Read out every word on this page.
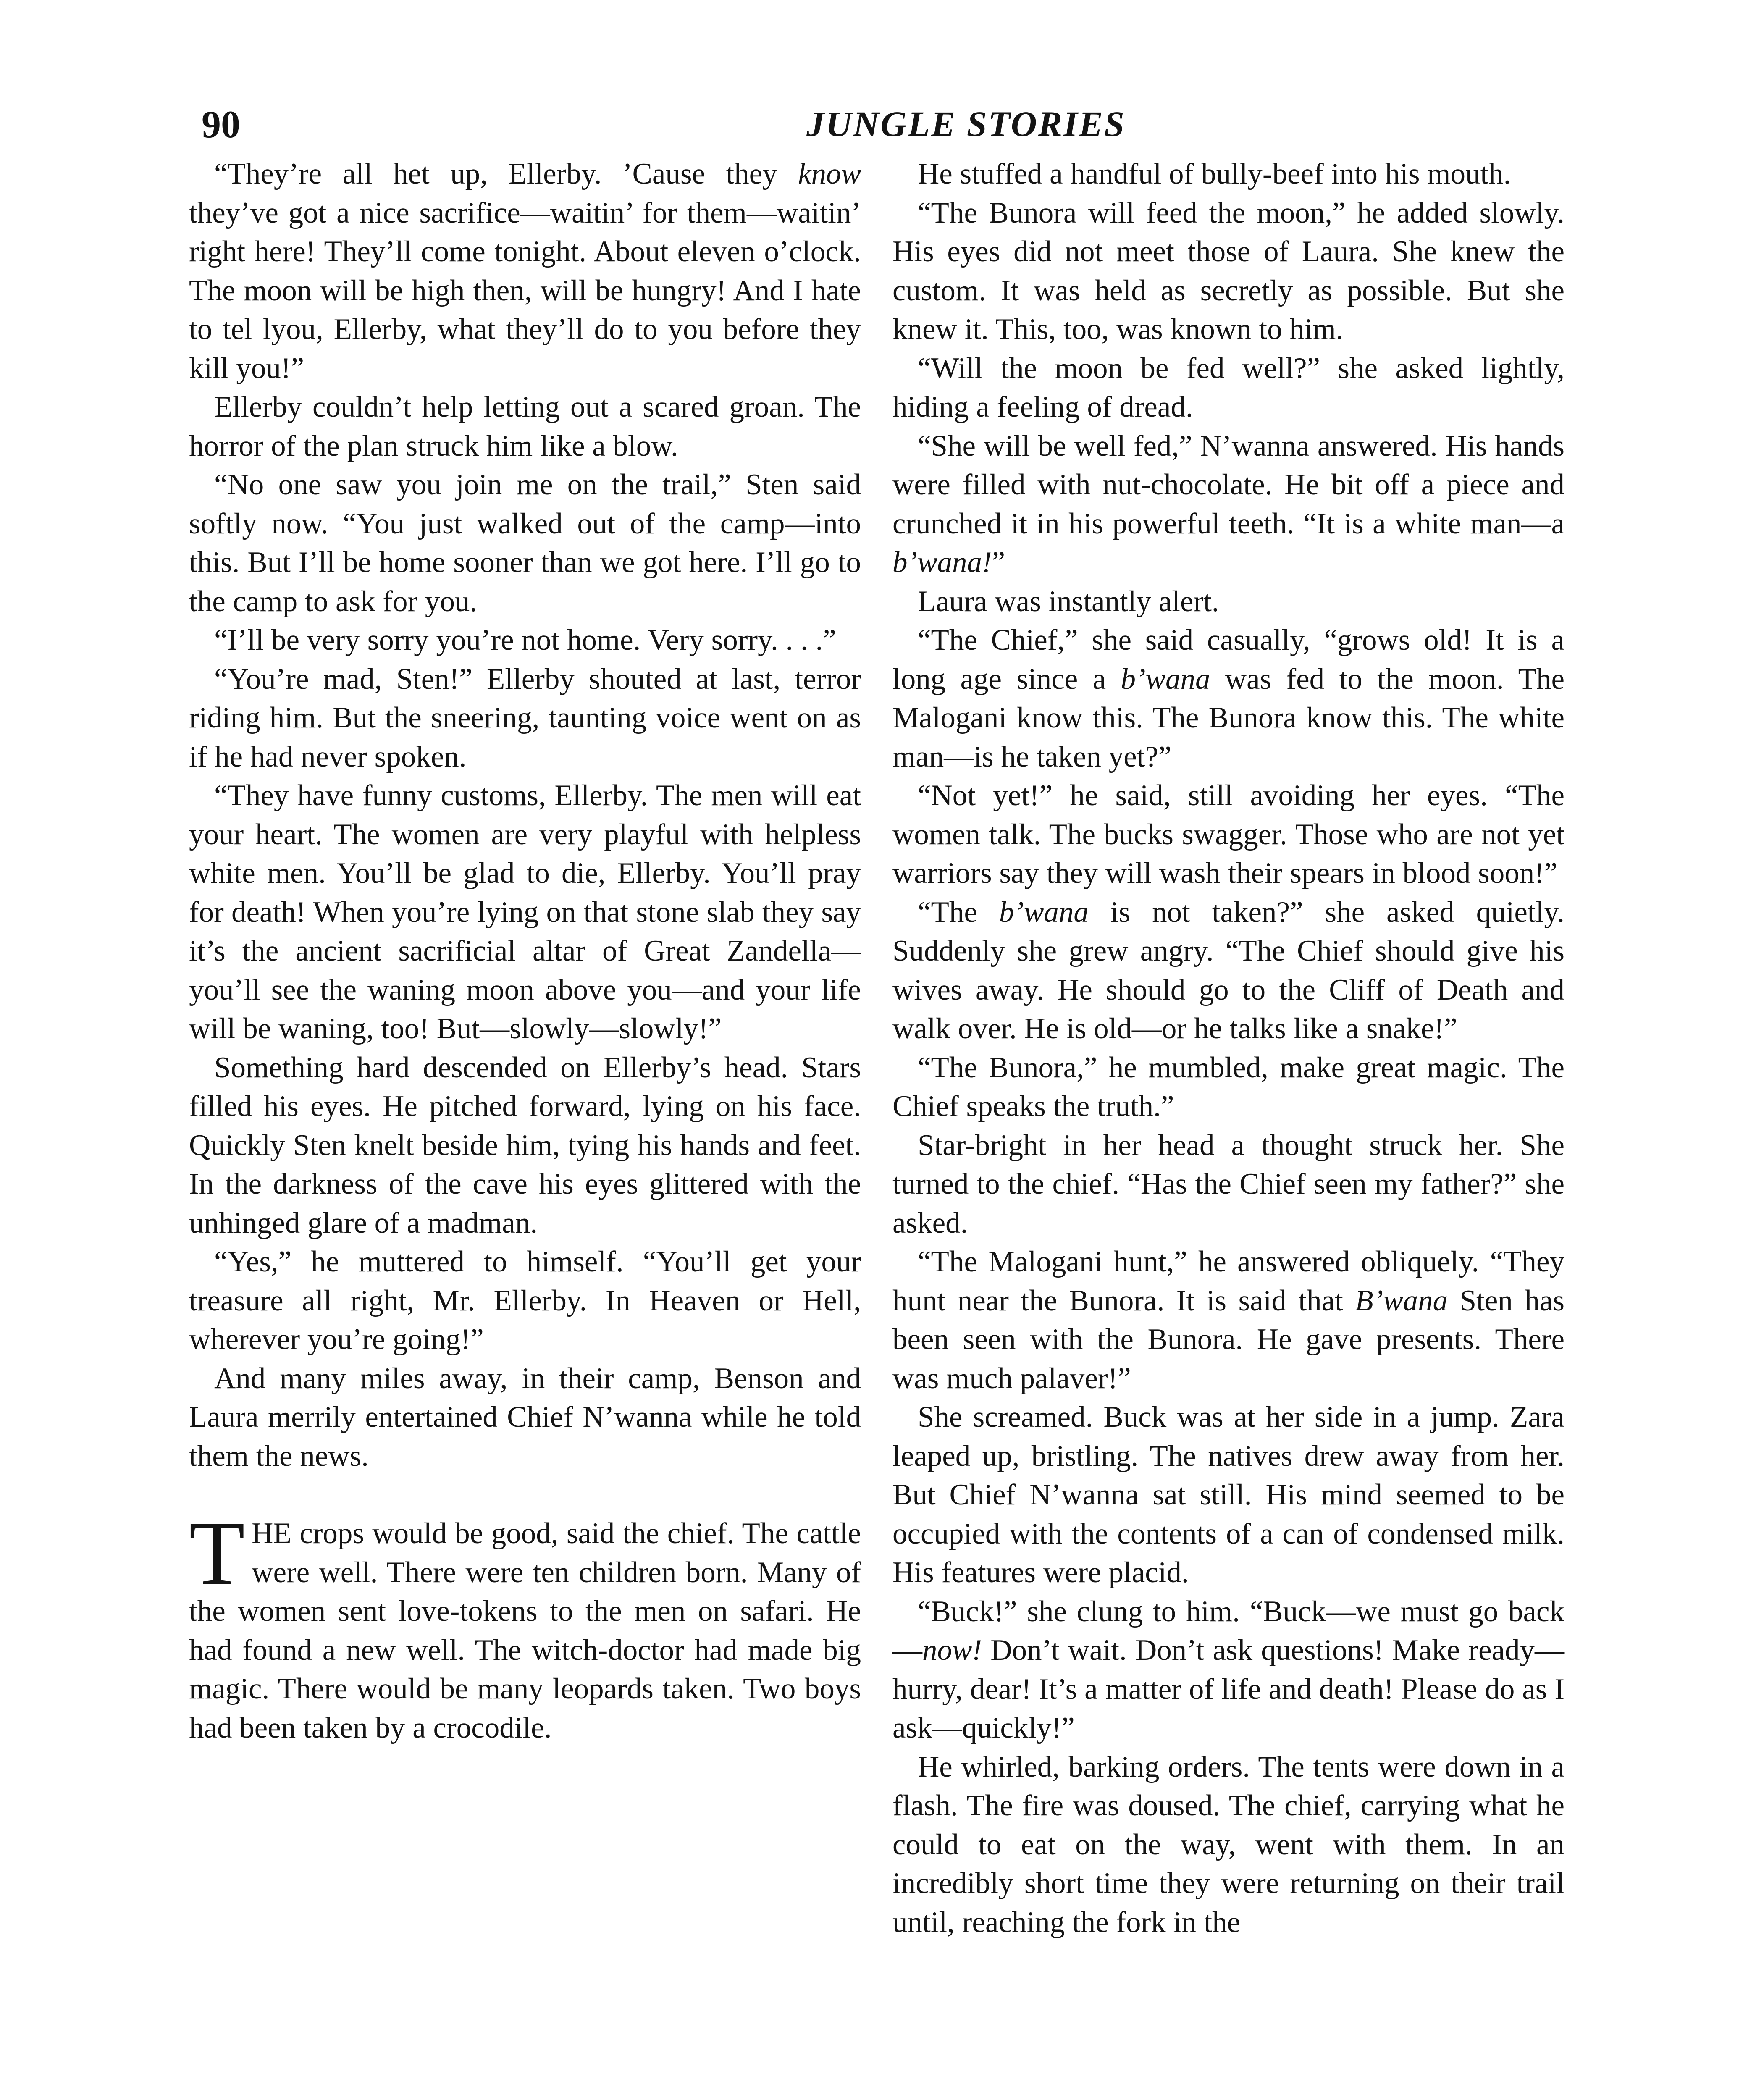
90	JUNGLE STORIES

“They’re all het up, Ellerby. ’Cause they know they’ve got a nice sacrifice—waitin’ for them—waitin’ right here! They’ll come tonight. About eleven o’clock. The moon will be high then, will be hungry! And I hate to tel lyou, Ellerby, what they’ll do to you before they kill you!”

Ellerby couldn’t help letting out a scared groan. The horror of the plan struck him like a blow.

“No one saw you join me on the trail,” Sten said softly now. “You just walked out of the camp—into this. But I’ll be home sooner than we got here. I’ll go to the camp to ask for you.

“I’ll be very sorry you’re not home. Very sorry. . . .”

“You’re mad, Sten!” Ellerby shouted at last, terror riding him. But the sneering, taunting voice went on as if he had never spoken.

“They have funny customs, Ellerby. The men will eat your heart. The women are very playful with helpless white men. You’ll be glad to die, Ellerby. You’ll pray for death! When you’re lying on that stone slab they say it’s the ancient sacrificial altar of Great Zandella—you’ll see the waning moon above you—and your life will be waning, too! But—slowly—slowly!”

Something hard descended on Ellerby’s head. Stars filled his eyes. He pitched forward, lying on his face. Quickly Sten knelt beside him, tying his hands and feet. In the darkness of the cave his eyes glittered with the unhinged glare of a madman.

“Yes,” he muttered to himself. “You’ll get your treasure all right, Mr. Ellerby. In Heaven or Hell, wherever you’re going!”

And many miles away, in their camp, Benson and Laura merrily entertained Chief N’wanna while he told them the news.

THE crops would be good, said the chief. The cattle were well. There were ten children born. Many of the women sent love-tokens to the men on safari. He had found a new well. The witch-doctor had made big magic. There would be many leopards taken. Two boys had been taken by a crocodile.

He stuffed a handful of bully-beef into his mouth.

“The Bunora will feed the moon,” he added slowly. His eyes did not meet those of Laura. She knew the custom. It was held as secretly as possible. But she knew it. This, too, was known to him.

“Will the moon be fed well?” she asked lightly, hiding a feeling of dread.

“She will be well fed,” N’wanna answered. His hands were filled with nut-chocolate. He bit off a piece and crunched it in his powerful teeth. “It is a white man—a b’wana!”

Laura was instantly alert.

“The Chief,” she said casually, “grows old! It is a long age since a b’wana was fed to the moon. The Malogani know this. The Bunora know this. The white man—is he taken yet?”

“Not yet!” he said, still avoiding her eyes. “The women talk. The bucks swagger. Those who are not yet warriors say they will wash their spears in blood soon!”

“The b’wana is not taken?” she asked quietly. Suddenly she grew angry. “The Chief should give his wives away. He should go to the Cliff of Death and walk over. He is old—or he talks like a snake!”

“The Bunora,” he mumbled, make great magic. The Chief speaks the truth.”

Star-bright in her head a thought struck her. She turned to the chief. “Has the Chief seen my father?” she asked.

“The Malogani hunt,” he answered obliquely. “They hunt near the Bunora. It is said that B’wana Sten has been seen with the Bunora. He gave presents. There was much palaver!”

She screamed. Buck was at her side in a jump. Zara leaped up, bristling. The natives drew away from her. But Chief N’wanna sat still. His mind seemed to be occupied with the contents of a can of condensed milk. His features were placid.

“Buck!” she clung to him. “Buck—we must go back—now! Don’t wait. Don’t ask questions! Make ready—hurry, dear! It’s a matter of life and death! Please do as I ask—quickly!”

He whirled, barking orders. The tents were down in a flash. The fire was doused. The chief, carrying what he could to eat on the way, went with them. In an incredibly short time they were returning on their trail until, reaching the fork in the
